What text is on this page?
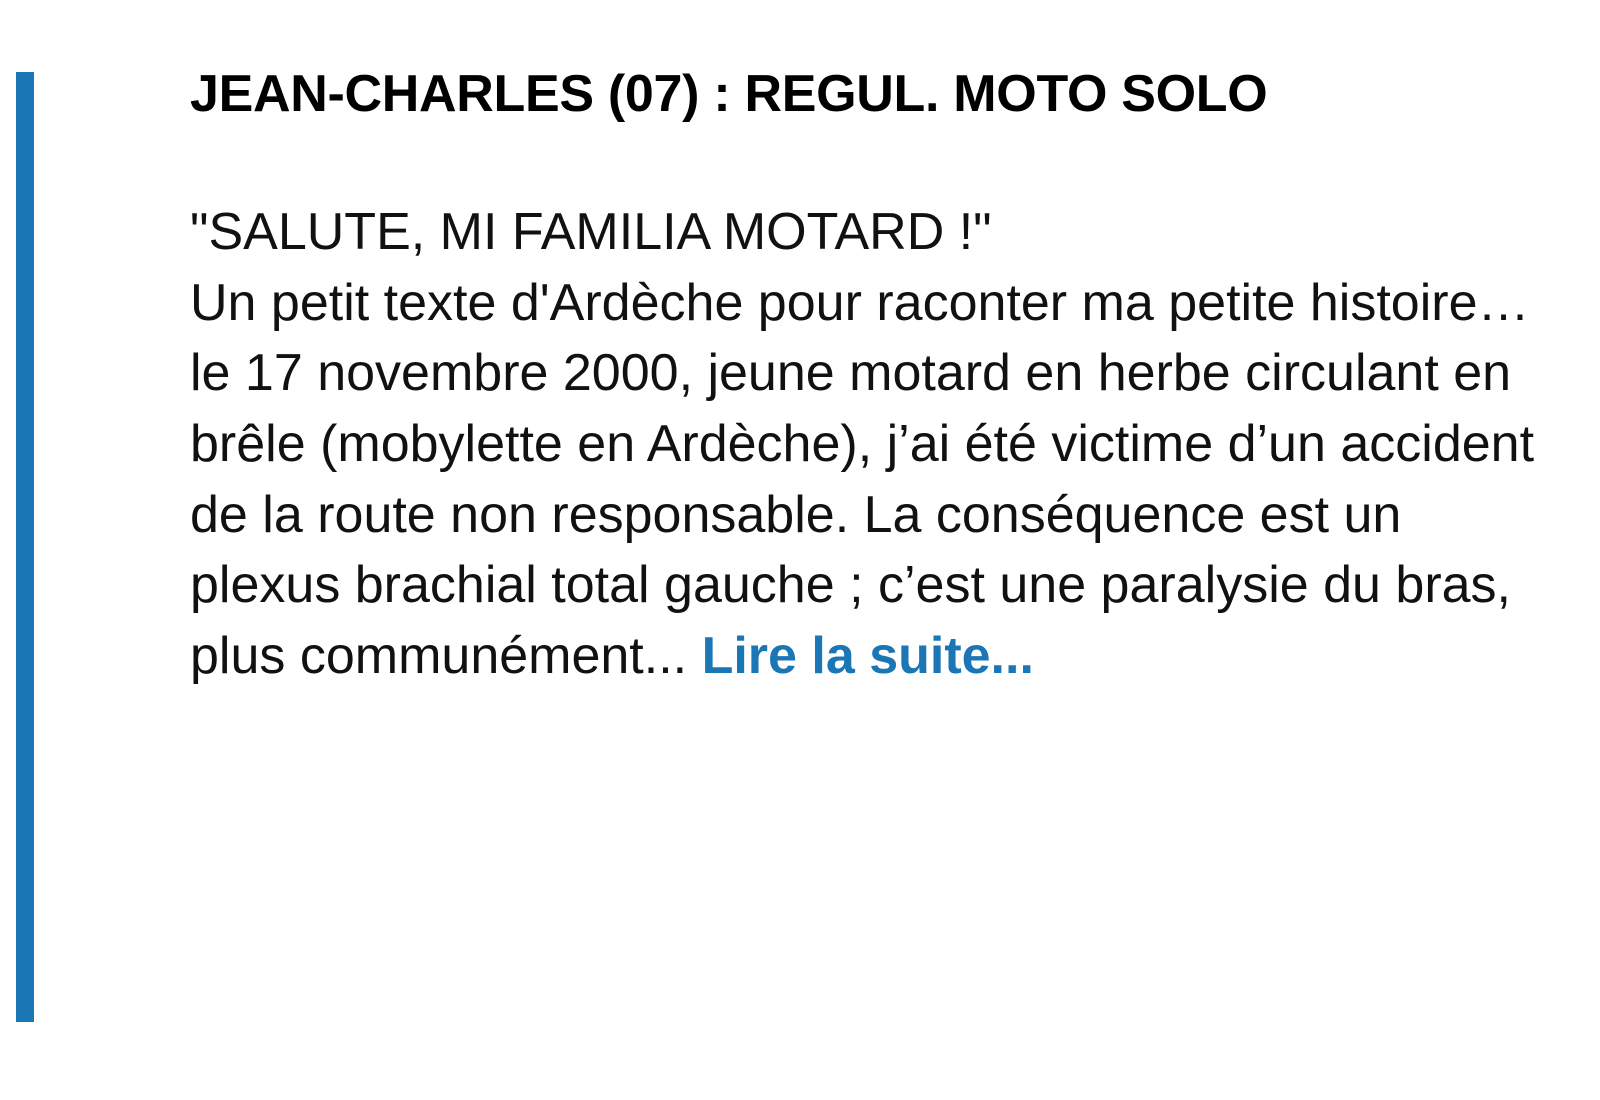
JEAN-CHARLES (07) : REGUL. MOTO SOLO
"SALUTE, MI FAMILIA MOTARD !"
Un petit texte d'Ardèche pour raconter ma petite histoire… le 17 novembre 2000, jeune motard en herbe circulant en brêle (mobylette en Ardèche), j’ai été victime d’un accident de la route non responsable. La conséquence est un plexus brachial total gauche ; c’est une paralysie du bras, plus communément... Lire la suite...
